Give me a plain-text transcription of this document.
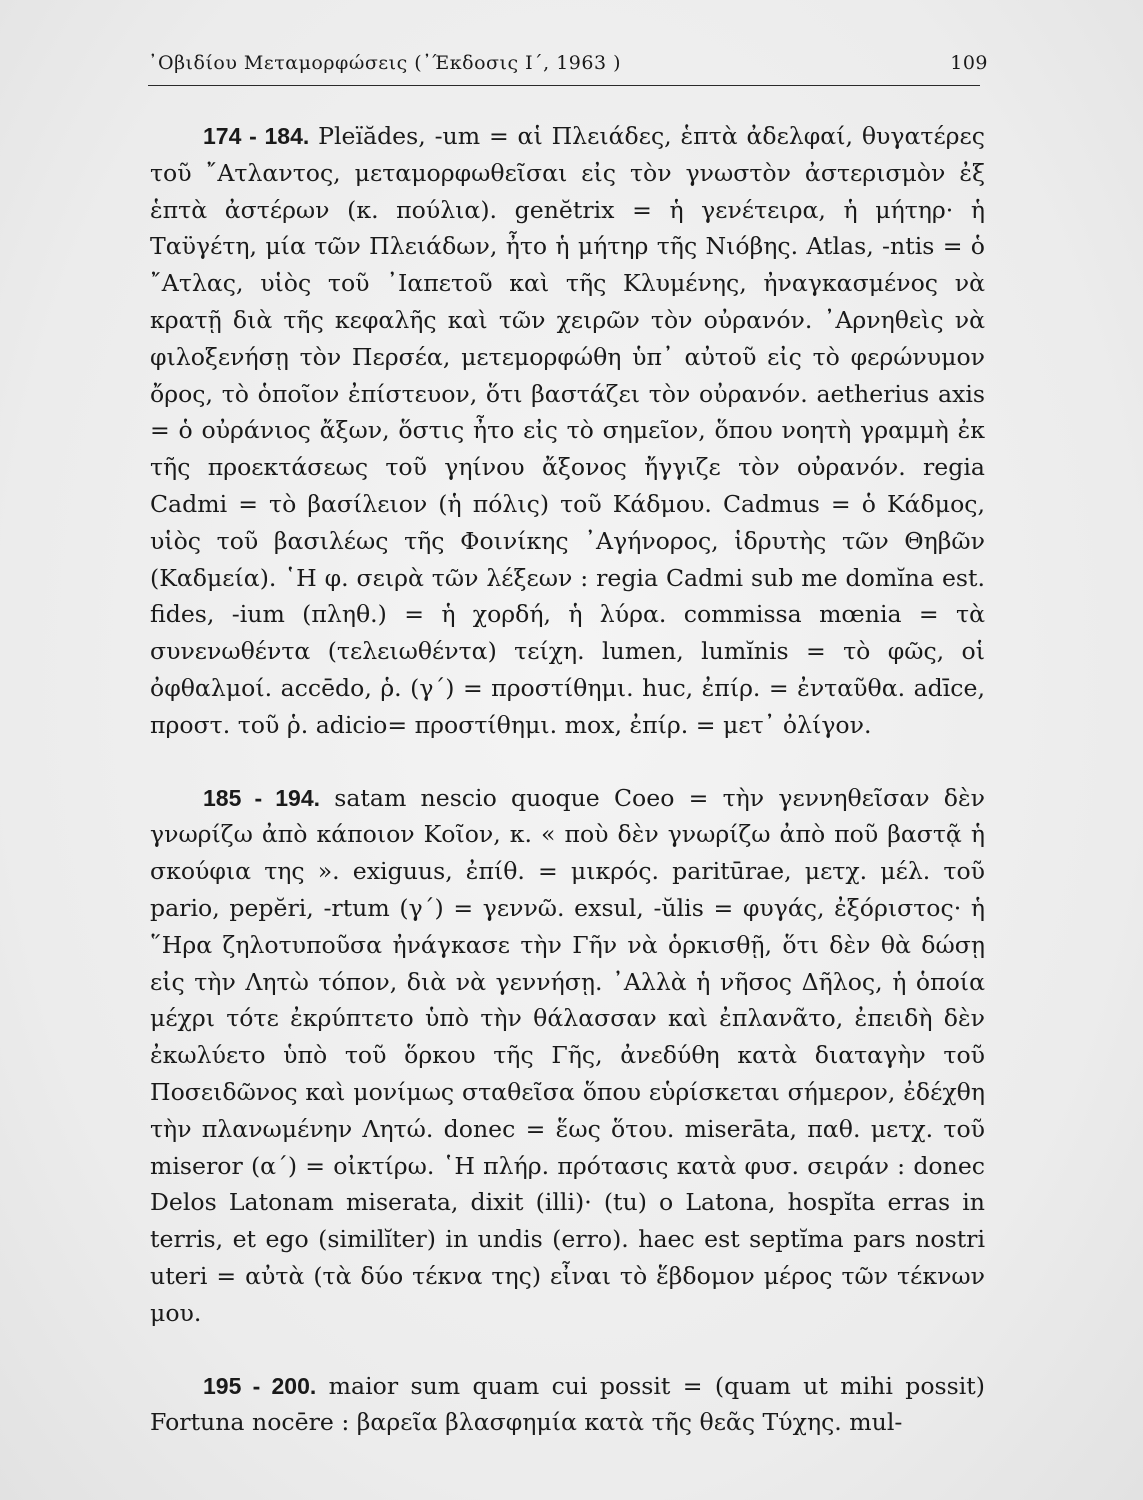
᾽Οβιδίου Μεταμορφώσεις (᾽Έκδοσις Ι΄, 1963 )	109

174 - 184. Pleïădes, -um = αἱ Πλειάδες, ἑπτὰ ἀδελφαί, θυγατέρες τοῦ ῎Ατλαντος, μεταμορφωθεῖσαι εἰς τὸν γνωστὸν ἀστερισμὸν ἐξ ἑπτὰ ἀστέρων (κ. πούλια). genĕtrix = ἡ γενέτειρα, ἡ μήτηρ· ἡ Ταϋγέτη, μία τῶν Πλειάδων, ἦτο ἡ μήτηρ τῆς Νιόβης. Atlas, -ntis = ὁ ῎Ατλας, υἱὸς τοῦ ᾽Ιαπετοῦ καὶ τῆς Κλυμένης, ἠναγκασμένος νὰ κρατῇ διὰ τῆς κεφαλῆς καὶ τῶν χειρῶν τὸν οὐρανόν. ᾽Αρνηθεὶς νὰ φιλοξενήσῃ τὸν Περσέα, μετεμορφώθη ὑπ᾽ αὐτοῦ εἰς τὸ φερώνυμον ὄρος, τὸ ὁποῖον ἐπίστευον, ὅτι βαστάζει τὸν οὐρανόν. aetherius axis = ὁ οὐράνιος ἄξων, ὅστις ἦτο εἰς τὸ σημεῖον, ὅπου νοητὴ γραμμὴ ἐκ τῆς προεκτάσεως τοῦ γηίνου ἄξονος ἤγγιζε τὸν οὐρανόν. regia Cadmi = τὸ βασίλειον (ἡ πόλις) τοῦ Κάδμου. Cadmus = ὁ Κάδμος, υἱὸς τοῦ βασιλέως τῆς Φοινίκης ᾽Αγήνορος, ἱδρυτὴς τῶν Θηβῶν (Καδμεία). ῾Η φ. σειρὰ τῶν λέξεων : regia Cadmi sub me domĭna est. fides, -ium (πληθ.) = ἡ χορδή, ἡ λύρα. commissa mœnia = τὰ συνενωθέντα (τελειωθέντα) τείχη. lumen, lumĭnis = τὸ φῶς, οἱ ὀφθαλμοί. accēdo, ῥ. (γ΄) = προστίθημι. huc, ἐπίρ. = ἐνταῦθα. adīce, προστ. τοῦ ῥ. adicio= προστίθημι. mox, ἐπίρ. = μετ᾽ ὀλίγον.

185 - 194. satam nescio quoque Coeo = τὴν γεννηθεῖσαν δὲν γνωρίζω ἀπὸ κάποιον Κοῖον, κ. « ποὺ δὲν γνωρίζω ἀπὸ ποῦ βαστᾷ ἡ σκούφια της ». exiguus, ἐπίθ. = μικρός. paritūrae, μετχ. μέλ. τοῦ pario, pepĕri, -rtum (γ΄) = γεννῶ. exsul, -ŭlis = φυγάς, ἐξόριστος· ἡ ῞Ηρα ζηλοτυποῦσα ἠνάγκασε τὴν Γῆν νὰ ὁρκισθῇ, ὅτι δὲν θὰ δώσῃ εἰς τὴν Λητὼ τόπον, διὰ νὰ γεννήσῃ. ᾽Αλλὰ ἡ νῆσος Δῆλος, ἡ ὁποία μέχρι τότε ἐκρύπτετο ὑπὸ τὴν θάλασσαν καὶ ἐπλανᾶτο, ἐπειδὴ δὲν ἐκωλύετο ὑπὸ τοῦ ὅρκου τῆς Γῆς, ἀνεδύθη κατὰ διαταγὴν τοῦ Ποσειδῶνος καὶ μονίμως σταθεῖσα ὅπου εὑρίσκεται σήμερον, ἐδέχθη τὴν πλανωμένην Λητώ. donec = ἕως ὅτου. miserāta, παθ. μετχ. τοῦ miseror (α΄) = οἰκτίρω. ῾Η πλήρ. πρότασις κατὰ φυσ. σειράν : donec Delos Latonam miserata, dixit (illi)· (tu) o Latona, hospĭta erras in terris, et ego (similĭter) in undis (erro). haec est septĭma pars nostri uteri = αὐτὰ (τὰ δύο τέκνα της) εἶναι τὸ ἕβδομον μέρος τῶν τέκνων μου.

195 - 200. maior sum quam cui possit = (quam ut mihi possit) Fortuna nocēre : βαρεῖα βλασφημία κατὰ τῆς θεᾶς Τύχης. mul-
